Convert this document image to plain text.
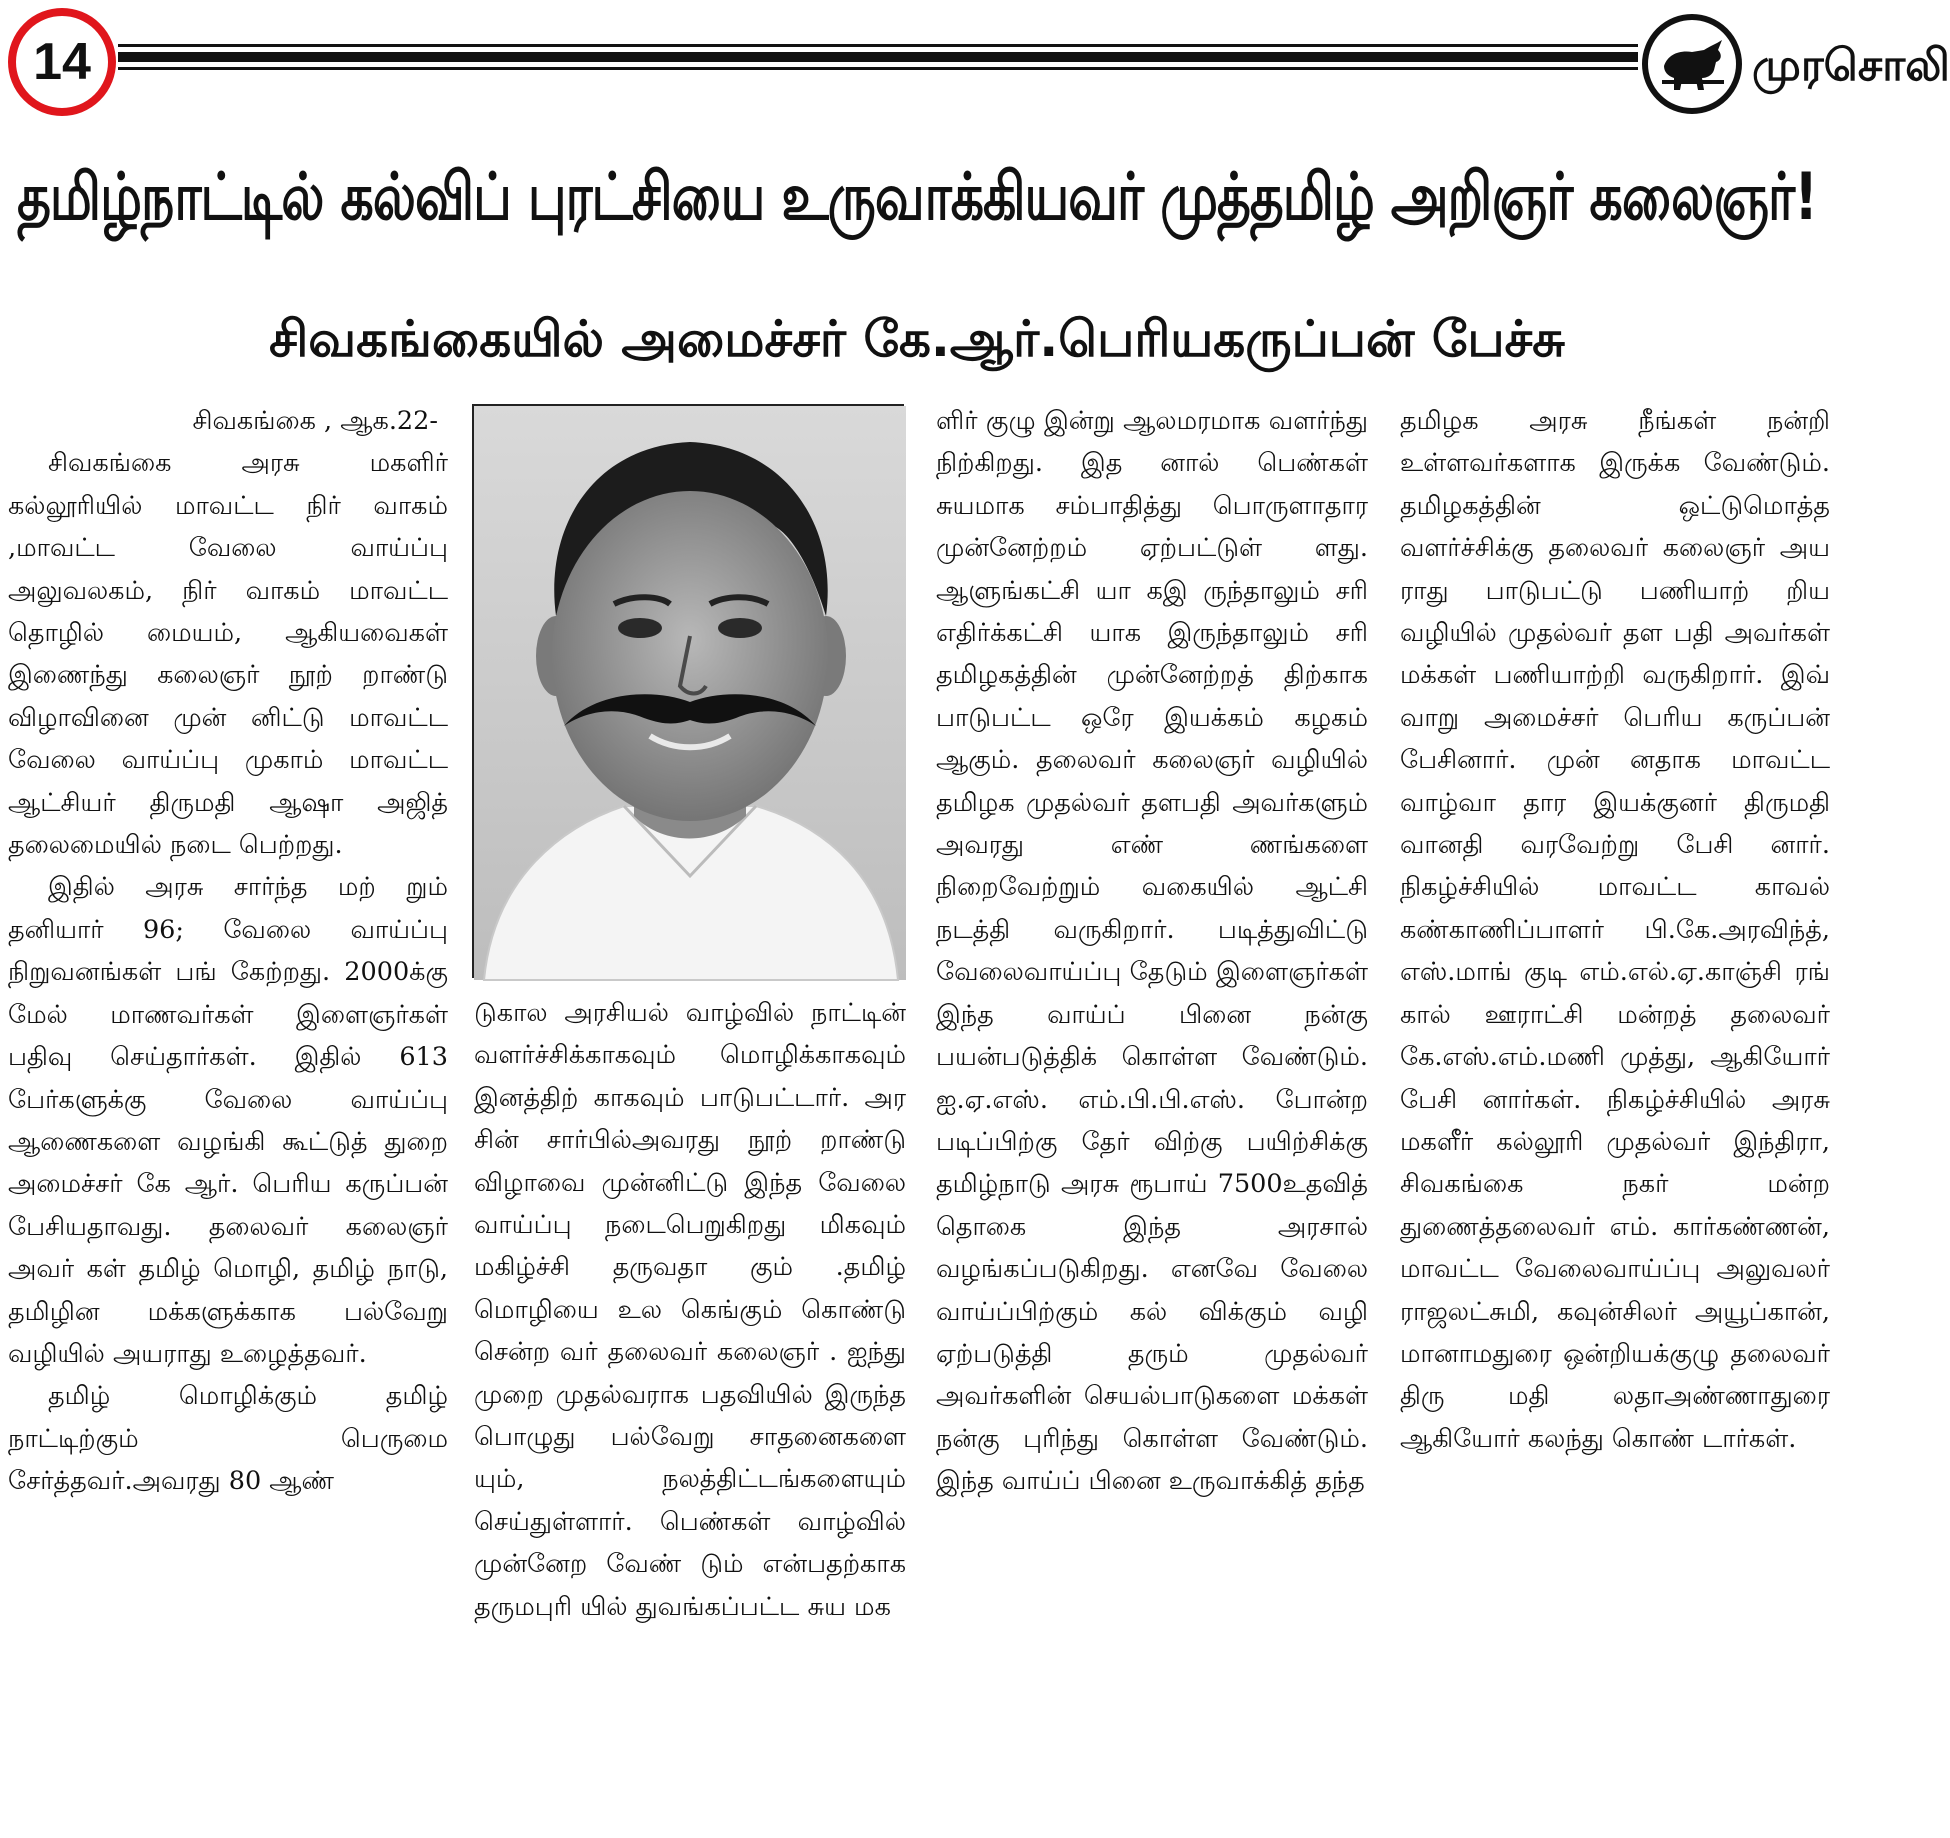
14	முரசொலி
தமிழ்நாட்டில் கல்விப் புரட்சியை உருவாக்கியவர் முத்தமிழ் அறிஞர் கலைஞர்!
சிவகங்கையில் அமைச்சர் கே.ஆர்.பெரியகருப்பன் பேச்சு

சிவகங்கை , ஆக.22-

சிவகங்கை அரசு மகளிர் கல்லூரியில் மாவட்ட நிர் வாகம் ,மாவட்ட வேலை வாய்ப்பு அலுவலகம், நிர் வாகம் மாவட்ட தொழில் மையம், ஆகியவைகள் இணைந்து கலைஞர் நூற் றாண்டு விழாவினை முன் னிட்டு மாவட்ட வேலை வாய்ப்பு முகாம் மாவட்ட ஆட்சியர் திருமதி ஆஷா அஜித் தலைமையில் நடை பெற்றது.

இதில் அரசு சார்ந்த மற் றும் தனியார் 96; வேலை வாய்ப்பு நிறுவனங்கள் பங் கேற்றது. 2000க்கு மேல் மாணவர்கள் இளைஞர்கள் பதிவு செய்தார்கள். இதில் 613 பேர்களுக்கு வேலை வாய்ப்பு ஆணைகளை வழங்கி கூட்டுத் துறை அமைச்சர் கே ஆர். பெரிய கருப்பன் பேசியதாவது. தலைவர் கலைஞர் அவர் கள் தமிழ் மொழி, தமிழ் நாடு, தமிழின மக்களுக்காக பல்வேறு வழியில் அயராது உழைத்தவர்.

தமிழ் மொழிக்கும் தமிழ் நாட்டிற்கும் பெருமை சேர்த்தவர்.அவரது 80 ஆண்

டுகால அரசியல் வாழ்வில் நாட்டின் வளர்ச்சிக்காகவும் மொழிக்காகவும் இனத்திற் காகவும் பாடுபட்டார். அர சின் சார்பில்அவரது நூற் றாண்டு விழாவை முன்னிட்டு இந்த வேலை வாய்ப்பு நடைபெறுகிறது மிகவும் மகிழ்ச்சி தருவதா கும் .தமிழ் மொழியை உல கெங்கும் கொண்டு சென்ற வர் தலைவர் கலைஞர் . ஐந்து முறை முதல்வராக பதவியில் இருந்த பொழுது பல்வேறு சாதனைகளை யும், நலத்திட்டங்களையும் செய்துள்ளார். பெண்கள் வாழ்வில் முன்னேற வேண் டும் என்பதற்காக தருமபுரி யில் துவங்கப்பட்ட சுய மக

ளிர் குழு இன்று ஆலமரமாக வளர்ந்து நிற்கிறது. இத னால் பெண்கள் சுயமாக சம்பாதித்து பொருளாதார முன்னேற்றம் ஏற்பட்டுள் ளது. ஆளுங்கட்சி யா கஇ ருந்தாலும் சரி எதிர்க்கட்சி யாக இருந்தாலும் சரி தமிழகத்தின் முன்னேற்றத் திற்காக பாடுபட்ட ஒரே இயக்கம் கழகம் ஆகும். தலைவர் கலைஞர் வழியில் தமிழக முதல்வர் தளபதி அவர்களும் அவரது எண் ணங்களை நிறைவேற்றும் வகையில் ஆட்சி நடத்தி வருகிறார். படித்துவிட்டு வேலைவாய்ப்பு தேடும் இளைஞர்கள் இந்த வாய்ப் பினை நன்கு பயன்படுத்திக் கொள்ள வேண்டும். ஐ.ஏ.எஸ். எம்.பி.பி.எஸ். போன்ற படிப்பிற்கு தேர் விற்கு பயிற்சிக்கு தமிழ்நாடு அரசு ரூபாய் 7500உதவித் தொகை இந்த அரசால் வழங்கப்படுகிறது. எனவே வேலை வாய்ப்பிற்கும் கல் விக்கும் வழி ஏற்படுத்தி தரும் முதல்வர் அவர்களின் செயல்பாடுகளை மக்கள் நன்கு புரிந்து கொள்ள வேண்டும். இந்த வாய்ப் பினை உருவாக்கித் தந்த

தமிழக அரசு நீங்கள் நன்றி உள்ளவர்களாக இருக்க வேண்டும். தமிழகத்தின் ஒட்டுமொத்த வளர்ச்சிக்கு தலைவர் கலைஞர் அய ராது பாடுபட்டு பணியாற் றிய வழியில் முதல்வர் தள பதி அவர்கள் மக்கள் பணியாற்றி வருகிறார். இவ் வாறு அமைச்சர் பெரிய கருப்பன் பேசினார். முன் னதாக மாவட்ட வாழ்வா தார இயக்குனர் திருமதி வானதி வரவேற்று பேசி னார். நிகழ்ச்சியில் மாவட்ட காவல் கண்காணிப்பாளர் பி.கே.அரவிந்த், எஸ்.மாங் குடி எம்.எல்.ஏ.காஞ்சி ரங் கால் ஊராட்சி மன்றத் தலைவர் கே.எஸ்.எம்.மணி முத்து, ஆகியோர் பேசி னார்கள். நிகழ்ச்சியில் அரசு மகளீர் கல்லூரி முதல்வர் இந்திரா, சிவகங்கை நகர் மன்ற துணைத்தலைவர் எம். கார்கண்ணன், மாவட்ட வேலைவாய்ப்பு அலுவலர் ராஜலட்சுமி, கவுன்சிலர் அயூப்கான், மானாமதுரை ஒன்றியக்குழு தலைவர் திரு மதி லதாஅண்ணாதுரை ஆகியோர் கலந்து கொண் டார்கள்.
